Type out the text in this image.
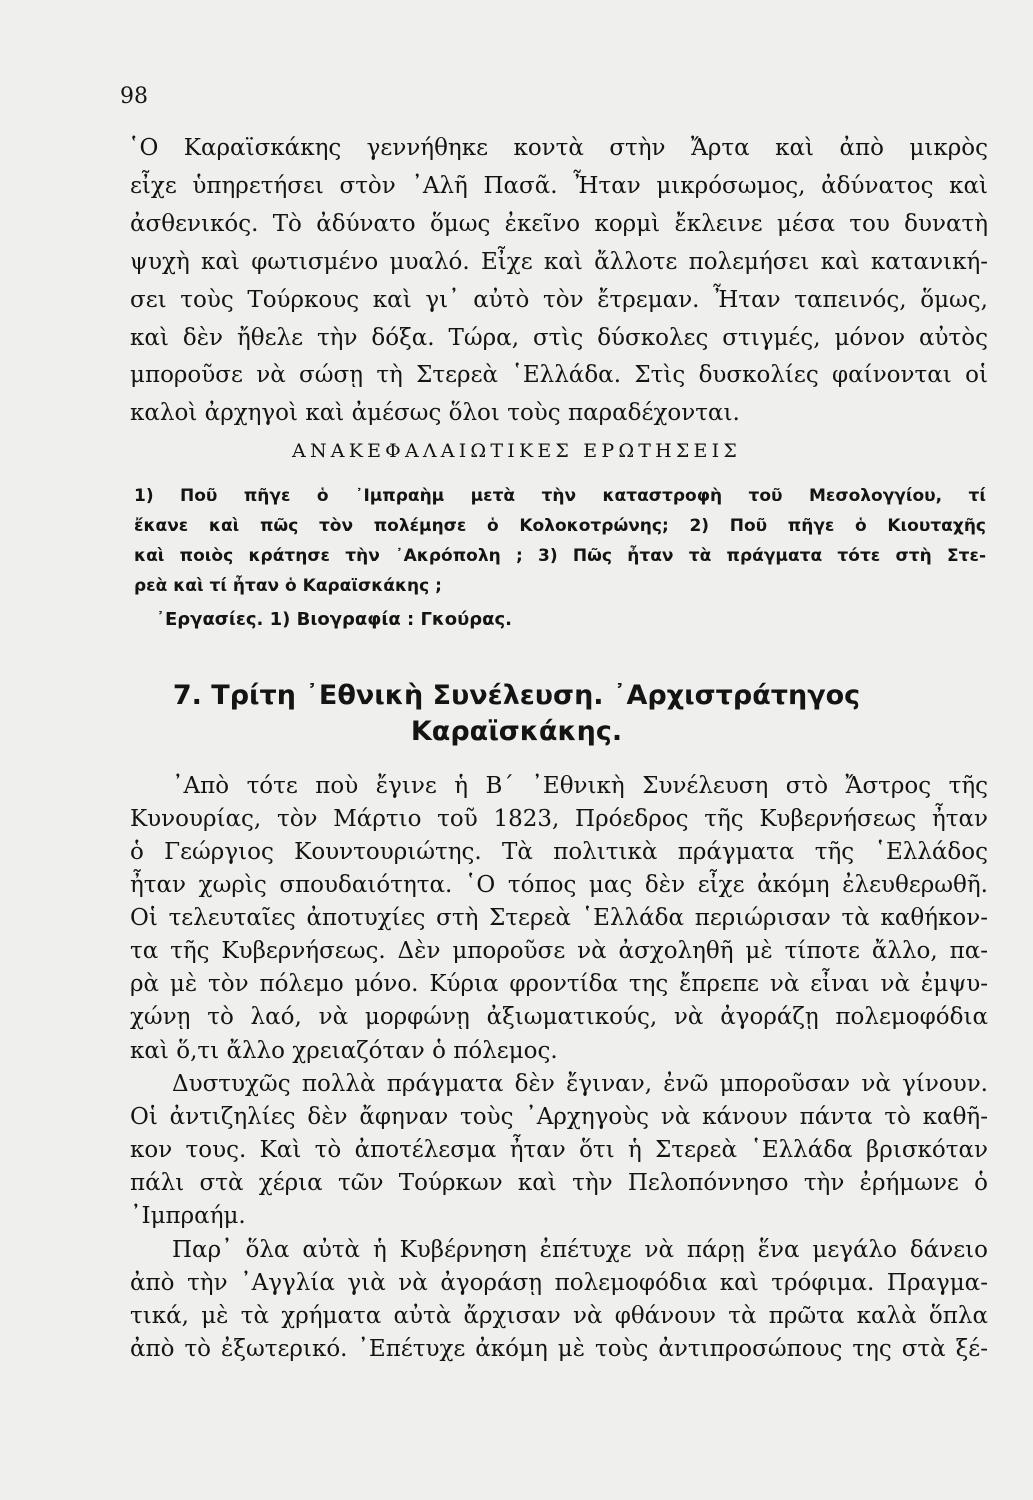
98
῾Ο Καραϊσκάκης γεννήθηκε κοντὰ στὴν Ἄρτα καὶ ἀπὸ μικρὸς
εἶχε ὑπηρετήσει στὸν ᾿Αλῆ Πασᾶ. Ἦταν μικρόσωμος, ἀδύνατος καὶ
ἀσθενικός. Τὸ ἀδύνατο ὅμως ἐκεῖνο κορμὶ ἔκλεινε μέσα του δυνατὴ
ψυχὴ καὶ φωτισμένο μυαλό. Εἶχε καὶ ἄλλοτε πολεμήσει καὶ κατανική-
σει τοὺς Τούρκους καὶ γι᾿ αὐτὸ τὸν ἔτρεμαν. Ἦταν ταπεινός, ὅμως,
καὶ δὲν ἤθελε τὴν δόξα. Τώρα, στὶς δύσκολες στιγμές, μόνον αὐτὸς
μποροῦσε νὰ σώσῃ τὴ Στερεὰ ῾Ελλάδα. Στὶς δυσκολίες φαίνονται οἱ
καλοὶ ἀρχηγοὶ καὶ ἀμέσως ὅλοι τοὺς παραδέχονται.
ΑΝΑΚΕΦΑΛΑΙΩΤΙΚΕΣ ΕΡΩΤΗΣΕΙΣ
1) Ποῦ πῆγε ὁ ᾿Ιμπραὴμ μετὰ τὴν καταστροφὴ τοῦ Μεσολογγίου, τί
ἔκανε καὶ πῶς τὸν πολέμησε ὁ Κολοκοτρώνης; 2) Ποῦ πῆγε ὁ Κιουταχῆς
καὶ ποιὸς κράτησε τὴν ᾿Ακρόπολη ; 3) Πῶς ἦταν τὰ πράγματα τότε στὴ Στε-
ρεὰ καὶ τί ἦταν ὁ Καραϊσκάκης ;
᾿Εργασίες. 1) Βιογραφία : Γκούρας.
7. Τρίτη ᾿Εθνικὴ Συνέλευση. ᾿Αρχιστράτηγος
Καραϊσκάκης.
᾿Απὸ τότε ποὺ ἔγινε ἡ Β΄ ᾿Εθνικὴ Συνέλευση στὸ Ἄστρος τῆς
Κυνουρίας, τὸν Μάρτιο τοῦ 1823, Πρόεδρος τῆς Κυβερνήσεως ἦταν
ὁ Γεώργιος Κουντουριώτης. Τὰ πολιτικὰ πράγματα τῆς ῾Ελλάδος
ἦταν χωρὶς σπουδαιότητα. ῾Ο τόπος μας δὲν εἶχε ἀκόμη ἐλευθερωθῆ.
Οἱ τελευταῖες ἀποτυχίες στὴ Στερεὰ ῾Ελλάδα περιώρισαν τὰ καθήκον-
τα τῆς Κυβερνήσεως. Δὲν μποροῦσε νὰ ἀσχοληθῆ μὲ τίποτε ἄλλο, πα-
ρὰ μὲ τὸν πόλεμο μόνο. Κύρια φροντίδα της ἔπρεπε νὰ εἶναι νὰ ἐμψυ-
χώνῃ τὸ λαό, νὰ μορφώνῃ ἀξιωματικούς, νὰ ἀγοράζῃ πολεμοφόδια
καὶ ὅ,τι ἄλλο χρειαζόταν ὁ πόλεμος.
Δυστυχῶς πολλὰ πράγματα δὲν ἔγιναν, ἐνῶ μποροῦσαν νὰ γίνουν.
Οἱ ἀντιζηλίες δὲν ἄφηναν τοὺς ᾿Αρχηγοὺς νὰ κάνουν πάντα τὸ καθῆ-
κον τους. Καὶ τὸ ἀποτέλεσμα ἦταν ὅτι ἡ Στερεὰ ῾Ελλάδα βρισκόταν
πάλι στὰ χέρια τῶν Τούρκων καὶ τὴν Πελοπόννησο τὴν ἐρήμωνε ὁ
᾿Ιμπραήμ.
Παρ᾿ ὅλα αὐτὰ ἡ Κυβέρνηση ἐπέτυχε νὰ πάρῃ ἕνα μεγάλο δάνειο
ἀπὸ τὴν ᾿Αγγλία γιὰ νὰ ἀγοράσῃ πολεμοφόδια καὶ τρόφιμα. Πραγμα-
τικά, μὲ τὰ χρήματα αὐτὰ ἄρχισαν νὰ φθάνουν τὰ πρῶτα καλὰ ὅπλα
ἀπὸ τὸ ἐξωτερικό. ᾿Επέτυχε ἀκόμη μὲ τοὺς ἀντιπροσώπους της στὰ ξέ-
